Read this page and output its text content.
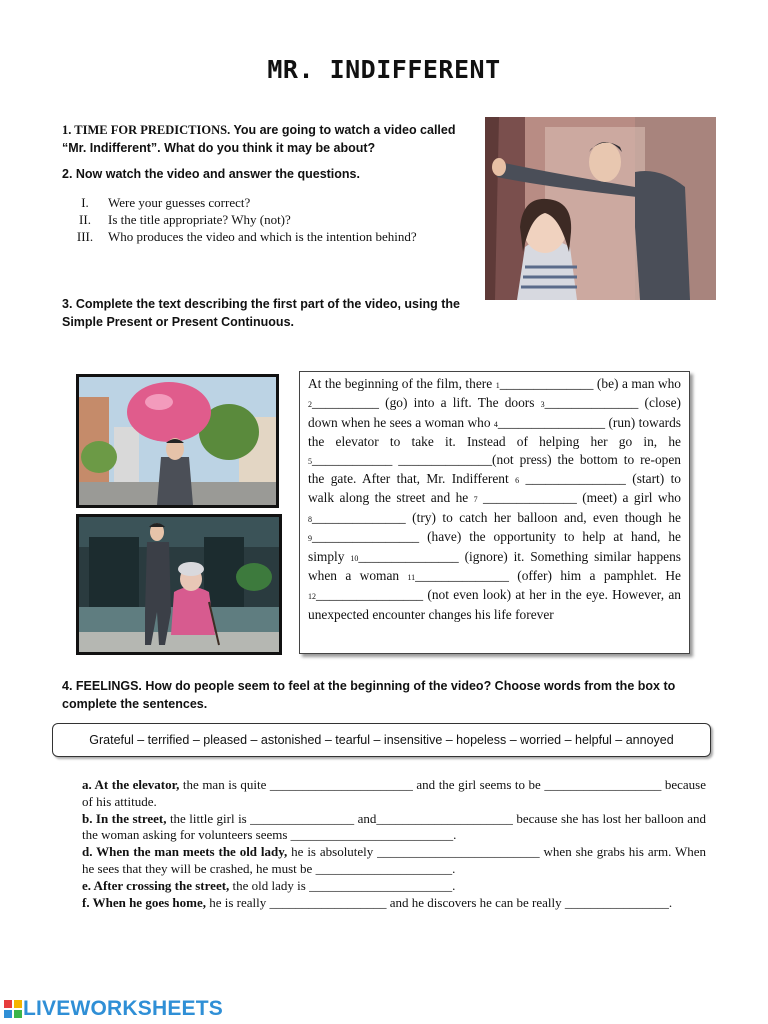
MR. INDIFFERENT
1. TIME FOR PREDICTIONS. You are going to watch a video called “Mr. Indifferent”. What do you think it may be about?
2. Now watch the video and answer the questions.
I.	Were your guesses correct?
II.	Is the title appropriate? Why (not)?
III.	Who produces the video and which is the intention behind?
3. Complete the text describing the first part of the video, using the Simple Present or Present Continuous.

At the beginning of the film, there 1______________ (be) a man who 2__________ (go) into a lift. The doors 3______________ (close) down when he sees a woman who 4________________ (run) towards the elevator to take it. Instead of helping her go in, he 5____________ ______________(not press) the bottom to re-open the gate. After that, Mr. Indifferent 6 _______________ (start) to walk along the street and he 7 ______________ (meet) a girl who 8______________ (try) to catch her balloon and, even though he 9________________ (have) the opportunity to help at hand, he simply 10_______________ (ignore) it. Something similar happens when a woman 11______________ (offer) him a pamphlet. He 12________________ (not even look) at her in the eye. However, an unexpected encounter changes his life forever

4. FEELINGS. How do people seem to feel at the beginning of the video? Choose words from the box to complete the sentences.
Grateful – terrified – pleased – astonished – tearful – insensitive – hopeless – worried – helpful – annoyed

a. At the elevator, the man is quite ______________________ and the girl seems to be __________________ because of his attitude.

b. In the street, the little girl is ________________ and_____________________ because she has lost her balloon and the woman asking for volunteers seems _________________________.

d. When the man meets the old lady, he is absolutely _________________________ when she grabs his arm. When he sees that they will be crashed, he must be _____________________.

e. After crossing the street, the old lady is ______________________.

f. When he goes home, he is really __________________ and he discovers he can be really ________________.

LIVEWORKSHEETS
